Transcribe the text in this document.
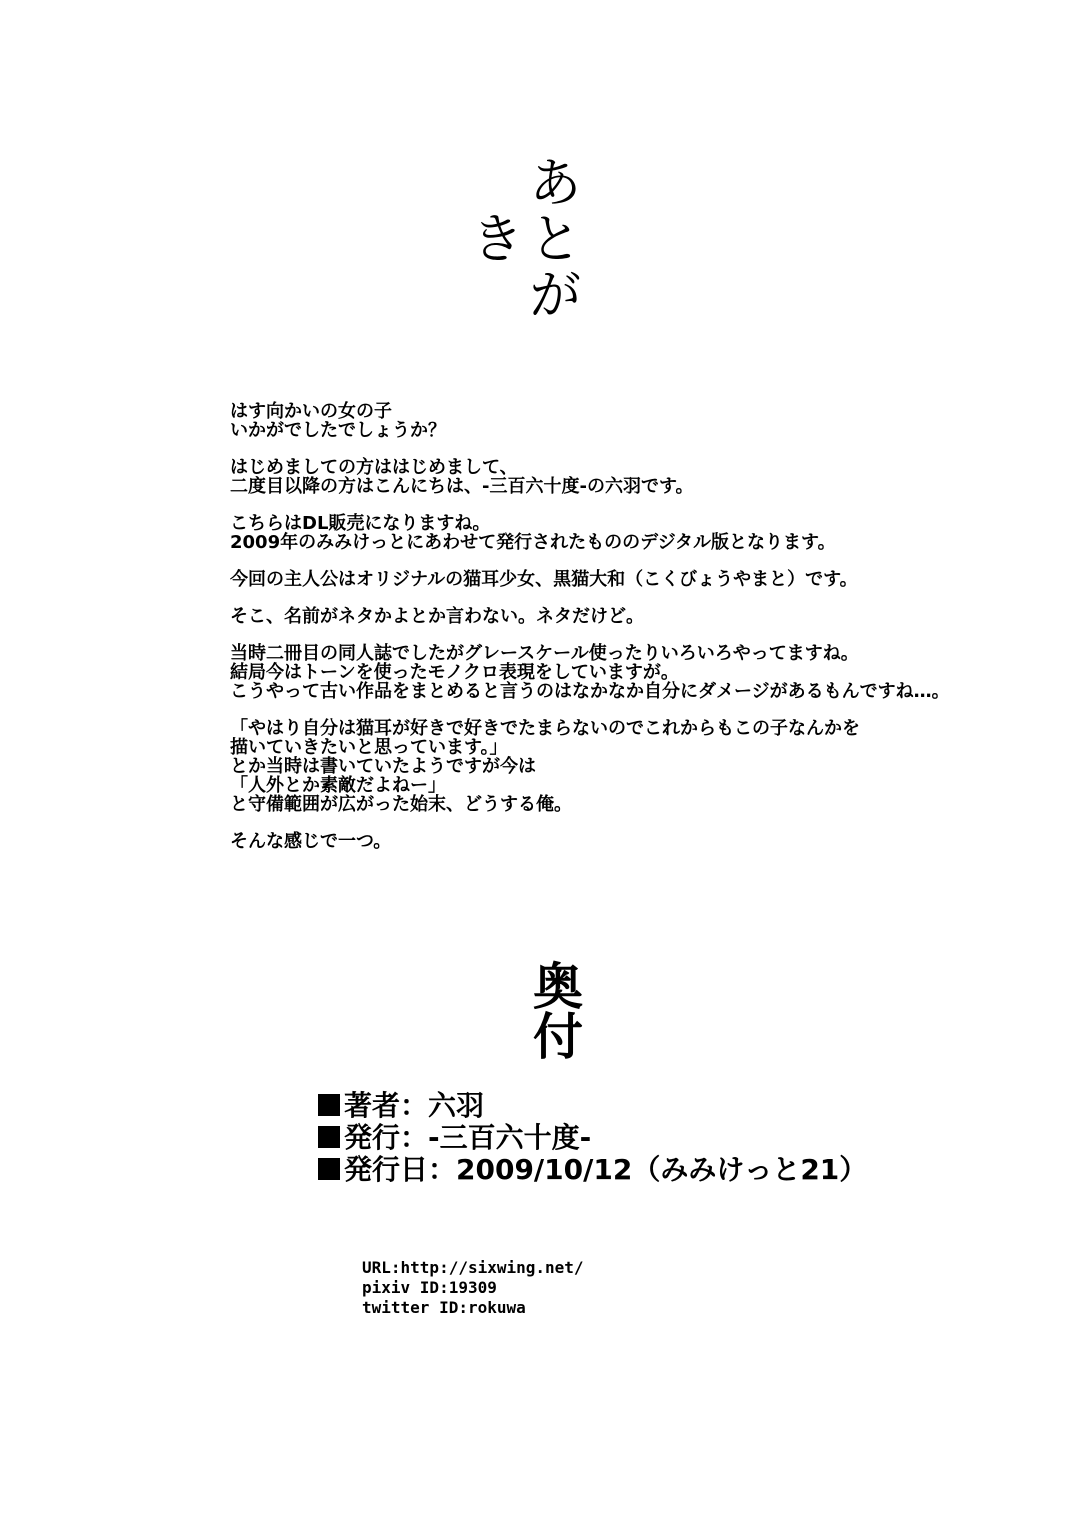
あとがき
はす向かいの女の子
いかがでしたでしょうか？
はじめましての方ははじめまして、
二度目以降の方はこんにちは、-三百六十度-の六羽です。
こちらはDL販売になりますね。
2009年のみみけっとにあわせて発行されたもののデジタル版となります。
今回の主人公はオリジナルの猫耳少女、黒猫大和（こくびょうやまと）です。
そこ、名前がネタかよとか言わない。ネタだけど。
当時二冊目の同人誌でしたがグレースケール使ったりいろいろやってますね。
結局今はトーンを使ったモノクロ表現をしていますが。
こうやって古い作品をまとめると言うのはなかなか自分にダメージがあるもんですね…。
「やはり自分は猫耳が好きで好きでたまらないのでこれからもこの子なんかを
描いていきたいと思っています。」
とか当時は書いていたようですが今は
「人外とか素敵だよねー」
と守備範囲が広がった始末、どうする俺。
そんな感じで一つ。
奥付
著者：六羽
発行：-三百六十度-
発行日：2009/10/12（みみけっと21）
URL:http://sixwing.net/
pixiv ID:19309
twitter ID:rokuwa
